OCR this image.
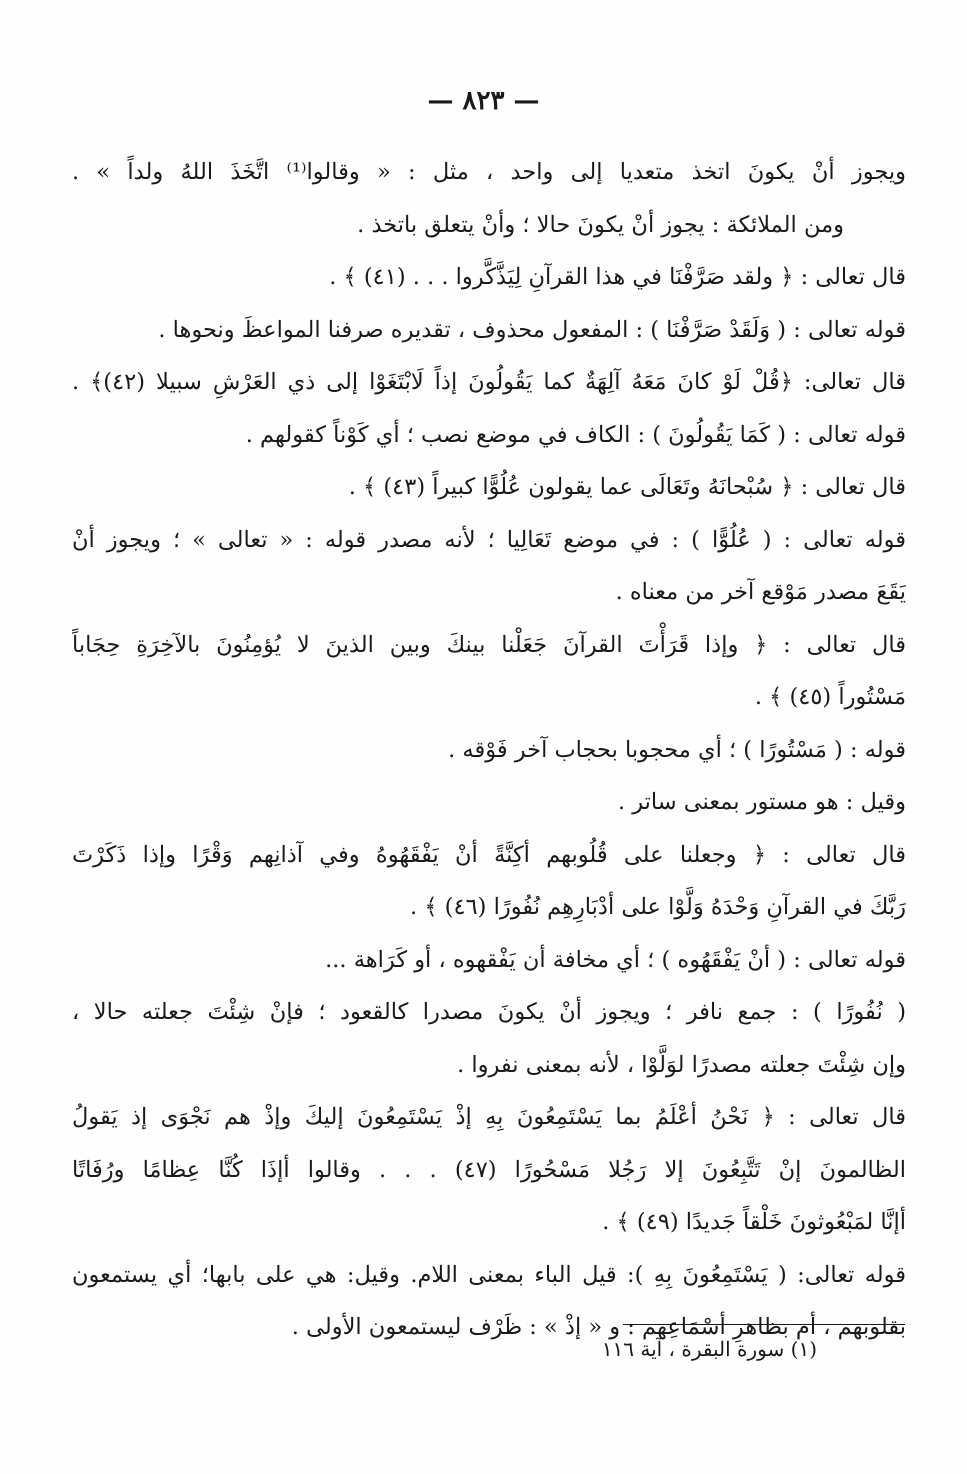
— ٨٢٣ —
ويجوز أنْ يكونَ اتخذ متعديا إلى واحد ، مثل : « وقالوا⁽¹⁾ اتَّخَذَ اللهُ ولداً » .
ومن الملائكة : يجوز أنْ يكونَ حالا ؛ وأنْ يتعلق باتخذ .
قال تعالى : ﴿ ولقد صَرَّفْنَا في هذا القرآنِ لِيَذَّكَّروا . . . (٤١) ﴾ .
قوله تعالى : ( وَلَقَدْ صَرَّفْنَا ) : المفعول محذوف ، تقديره صرفنا المواعظَ ونحوها .
قال تعالى: ﴿قُلْ لَوْ كانَ مَعَهُ آلِهَةٌ كما يَقُولُونَ إذاً لَابْتَغَوْا إلى ذي العَرْشِ سبيلا (٤٢)﴾ .
قوله تعالى : ( كَمَا يَقُولُونَ ) : الكاف في موضع نصب ؛ أي كَوْناً كقولهم .
قال تعالى : ﴿ سُبْحانَهُ وتَعَالَى عما يقولون عُلُوًّا كبيراً (٤٣) ﴾ .
قوله تعالى : ( عُلُوًّا ) : في موضع تَعَالِيا ؛ لأنه مصدر قوله : « تعالى » ؛ ويجوز أنْ
يَقَعَ مصدر مَوْقع آخر من معناه .
قال تعالى : ﴿ وإذا قَرَأْتَ القرآنَ جَعَلْنا بينكَ وبين الذينَ لا يُؤمِنُونَ بالآخِرَةِ حِجَاباً
مَسْتُوراً (٤٥) ﴾ .
قوله : ( مَسْتُورًا ) ؛ أي محجوبا بحجاب آخر فَوْقه .
وقيل : هو مستور بمعنى ساتر .
قال تعالى : ﴿ وجعلنا على قُلُوبهم أكِنَّةً أنْ يَفْقَهُوهُ وفي آذانِهم وَقْرًا وإذا ذَكَرْتَ
رَبَّكَ في القرآنِ وَحْدَهُ وَلَّوْا على أدْبَارِهِم نُفُورًا (٤٦) ﴾ .
قوله تعالى : ( أنْ يَفْقَهُوه ) ؛ أي مخافة أن يَفْقهوه ، أو كَرَاهة ...
( نُفُورًا ) : جمع نافر ؛ ويجوز أنْ يكونَ مصدرا كالقعود ؛ فإنْ شِئْتَ جعلته حالا ،
وإن شِئْتَ جعلته مصدرًا لوَلَّوْا ، لأنه بمعنى نفروا .
قال تعالى : ﴿ نَحْنُ أعْلَمُ بما يَسْتَمِعُونَ بِهِ إذْ يَسْتَمِعُونَ إليكَ وإذْ هم نَجْوَى إذ يَقولُ
الظالمونَ إنْ تَتَّبِعُونَ إلا رَجُلا مَسْحُورًا (٤٧) . . . وقالوا أإذَا كُنَّا عِظامًا ورُفَاتًا
أإنَّا لمَبْعُوثونَ خَلْقاً جَديدًا (٤٩) ﴾ .
قوله تعالى: ( يَسْتَمِعُونَ بِهِ ): قيل الباء بمعنى اللام. وقيل: هي على بابها؛ أي يستمعون
بقلوبهم ، أم بظاهرِ أسْمَاعِهم : و « إذْ » : ظَرْف ليستمعون الأولى .
(١) سورة البقرة ، آية ١١٦
